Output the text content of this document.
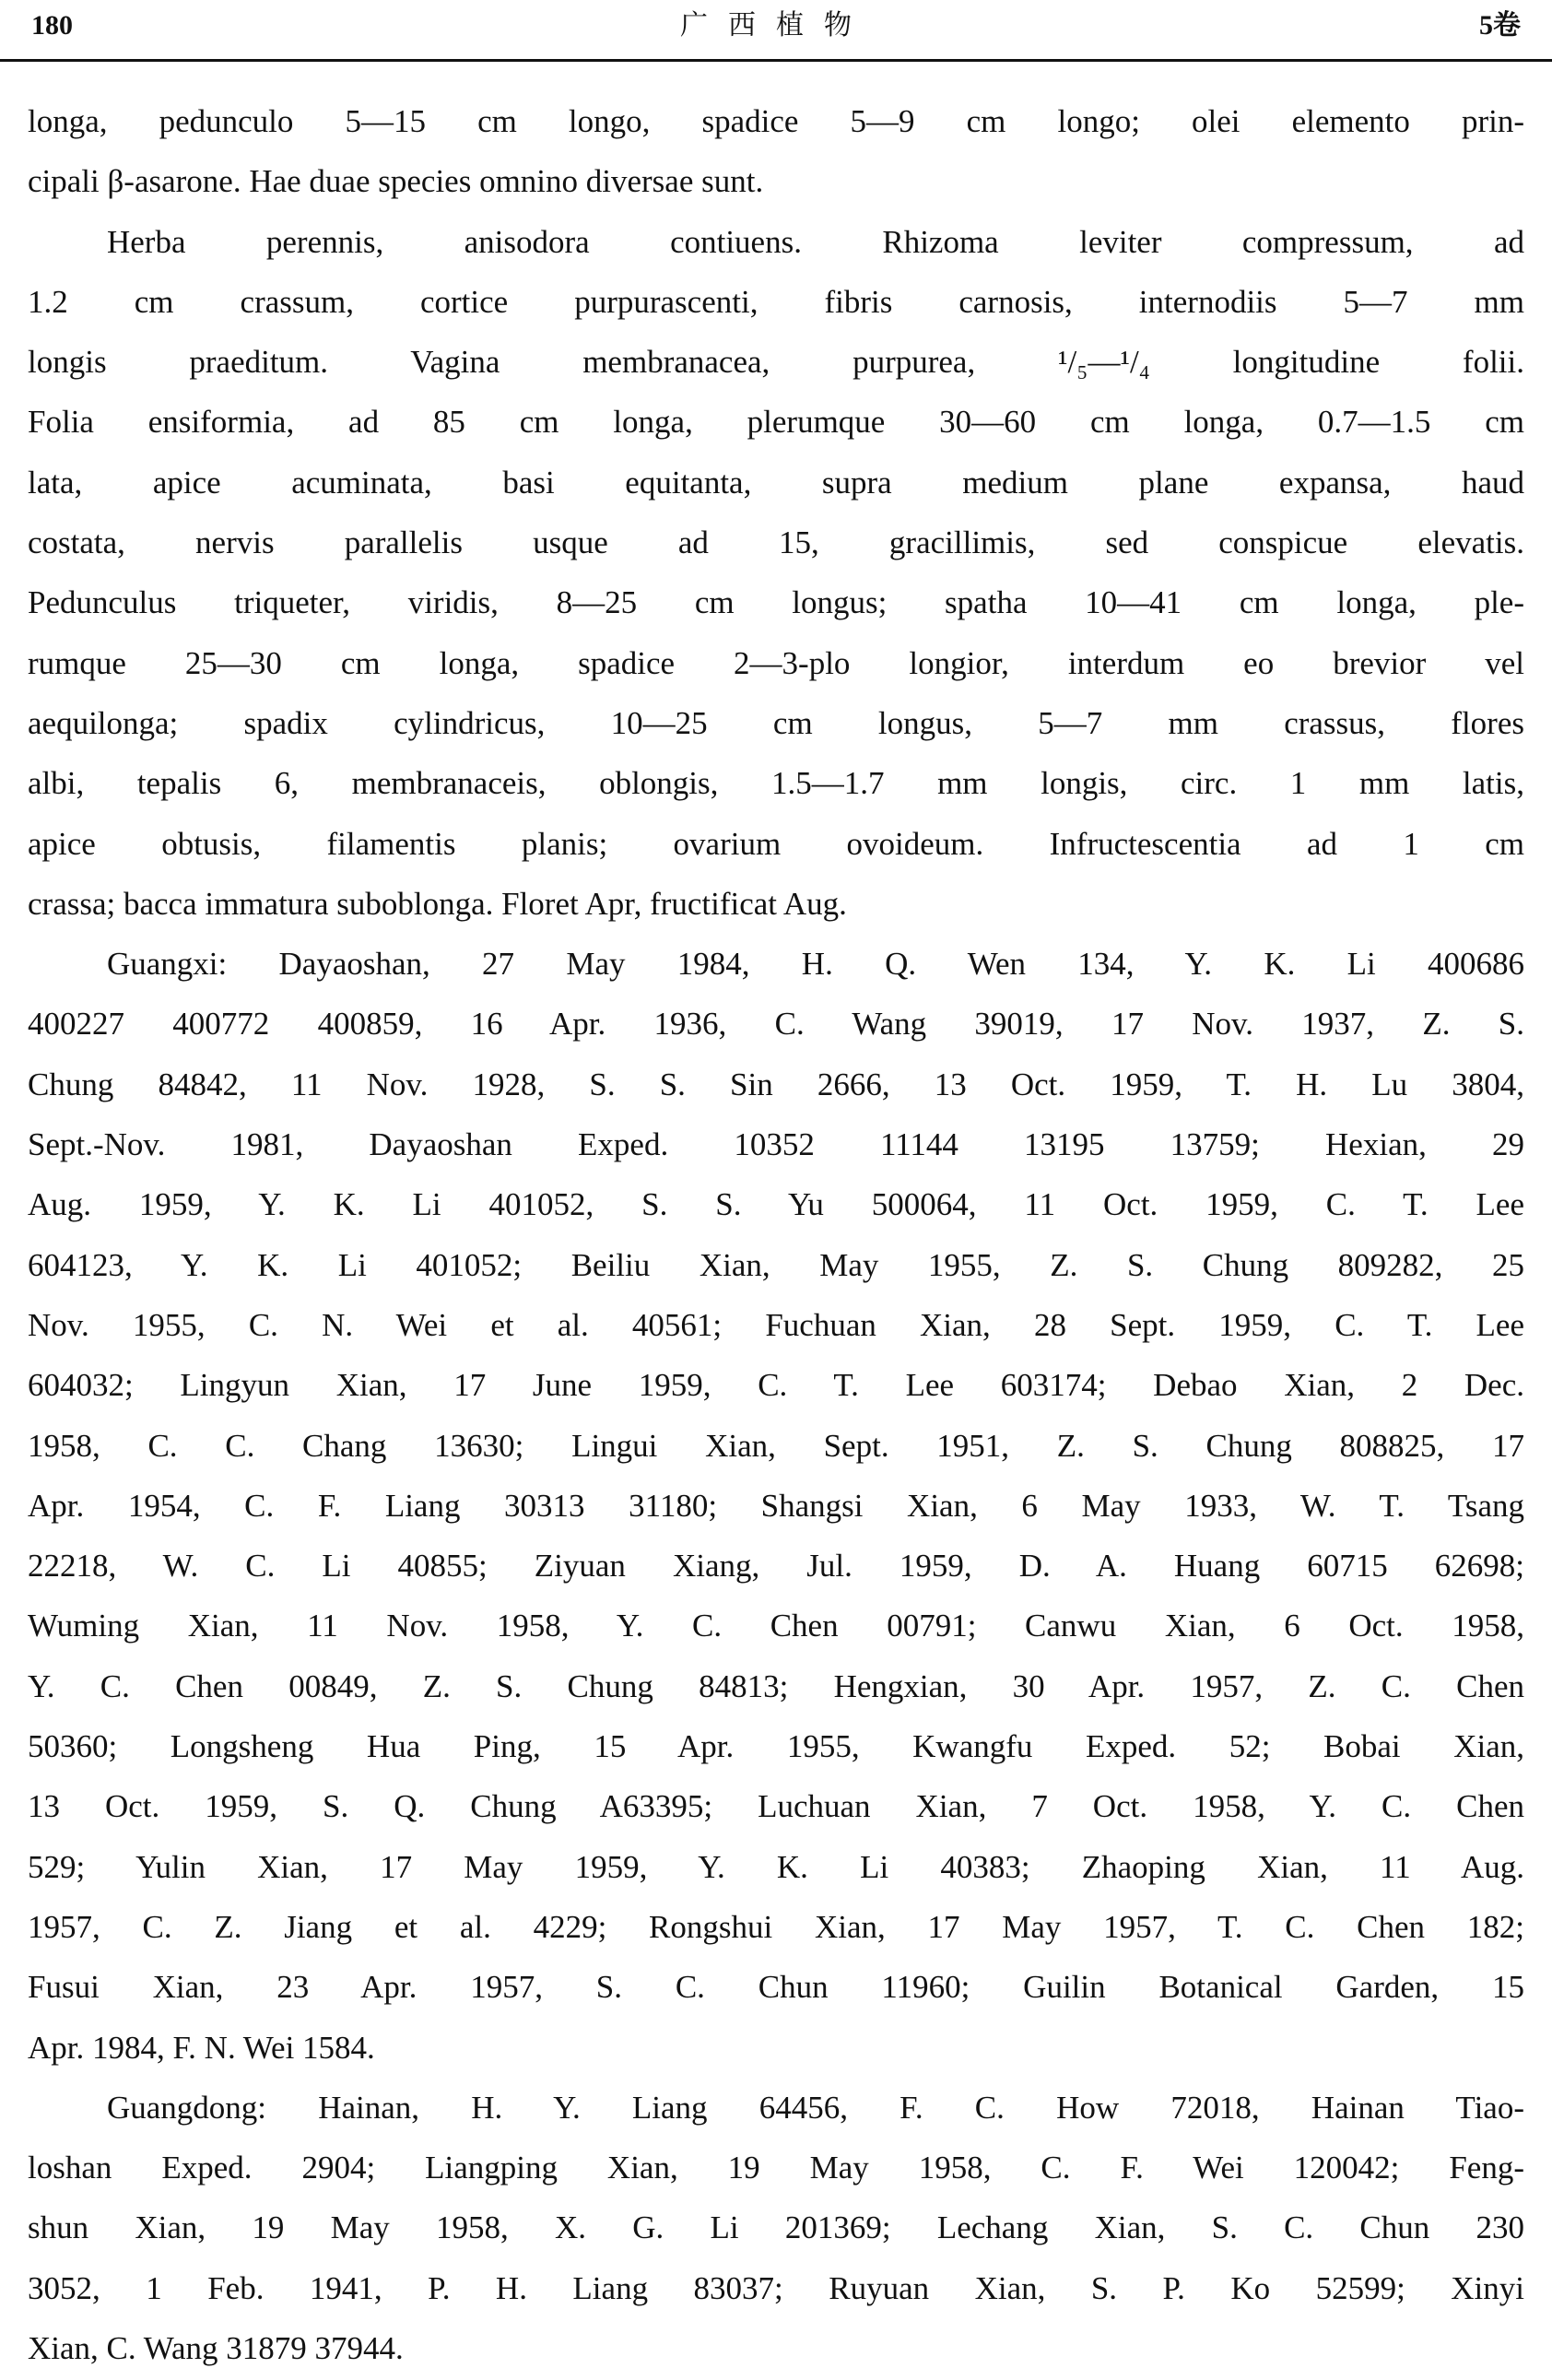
180	广西植物	5卷
longa, pedunculo 5—15 cm longo, spadice 5—9 cm longo; olei elemento prin-
cipali β-asarone. Hae duae species omnino diversae sunt.
Herba perennis, anisodora contiuens. Rhizoma leviter compressum, ad
1.2 cm crassum, cortice purpurascenti, fibris carnosis, internodiis 5—7 mm
longis praeditum. Vagina membranacea, purpurea, ¹/₅—¹/₄ longitudine folii.
Folia ensiformia, ad 85 cm longa, plerumque 30—60 cm longa, 0.7—1.5 cm
lata, apice acuminata, basi equitanta, supra medium plane expansa, haud
costata, nervis parallelis usque ad 15, gracillimis, sed conspicue elevatis.
Pedunculus triqueter, viridis, 8—25 cm longus; spatha 10—41 cm longa, ple-
rumque 25—30 cm longa, spadice 2—3-plo longior, interdum eo brevior vel
aequilonga; spadix cylindricus, 10—25 cm longus, 5—7 mm crassus, flores
albi, tepalis 6, membranaceis, oblongis, 1.5—1.7 mm longis, circ. 1 mm latis,
apice obtusis, filamentis planis; ovarium ovoideum. Infructescentia ad 1 cm
crassa; bacca immatura suboblonga. Floret Apr, fructificat Aug.
Guangxi: Dayaoshan, 27 May 1984, H. Q. Wen 134, Y. K. Li 400686
400227 400772 400859, 16 Apr. 1936, C. Wang 39019, 17 Nov. 1937, Z. S.
Chung 84842, 11 Nov. 1928, S. S. Sin 2666, 13 Oct. 1959, T. H. Lu 3804,
Sept.-Nov. 1981, Dayaoshan Exped. 10352 11144 13195 13759; Hexian, 29
Aug. 1959, Y. K. Li 401052, S. S. Yu 500064, 11 Oct. 1959, C. T. Lee
604123, Y. K. Li 401052; Beiliu Xian, May 1955, Z. S. Chung 809282, 25
Nov. 1955, C. N. Wei et al. 40561; Fuchuan Xian, 28 Sept. 1959, C. T. Lee
604032; Lingyun Xian, 17 June 1959, C. T. Lee 603174; Debao Xian, 2 Dec.
1958, C. C. Chang 13630; Lingui Xian, Sept. 1951, Z. S. Chung 808825, 17
Apr. 1954, C. F. Liang 30313 31180; Shangsi Xian, 6 May 1933, W. T. Tsang
22218, W. C. Li 40855; Ziyuan Xiang, Jul. 1959, D. A. Huang 60715 62698;
Wuming Xian, 11 Nov. 1958, Y. C. Chen 00791; Canwu Xian, 6 Oct. 1958,
Y. C. Chen 00849, Z. S. Chung 84813; Hengxian, 30 Apr. 1957, Z. C. Chen
50360; Longsheng Hua Ping, 15 Apr. 1955, Kwangfu Exped. 52; Bobai Xian,
13 Oct. 1959, S. Q. Chung A63395; Luchuan Xian, 7 Oct. 1958, Y. C. Chen
529; Yulin Xian, 17 May 1959, Y. K. Li 40383; Zhaoping Xian, 11 Aug.
1957, C. Z. Jiang et al. 4229; Rongshui Xian, 17 May 1957, T. C. Chen 182;
Fusui Xian, 23 Apr. 1957, S. C. Chun 11960; Guilin Botanical Garden, 15
Apr. 1984, F. N. Wei 1584.
Guangdong: Hainan, H. Y. Liang 64456, F. C. How 72018, Hainan Tiao-
loshan Exped. 2904; Liangping Xian, 19 May 1958, C. F. Wei 120042; Feng-
shun Xian, 19 May 1958, X. G. Li 201369; Lechang Xian, S. C. Chun 230
3052, 1 Feb. 1941, P. H. Liang 83037; Ruyuan Xian, S. P. Ko 52599; Xinyi
Xian, C. Wang 31879 37944.
